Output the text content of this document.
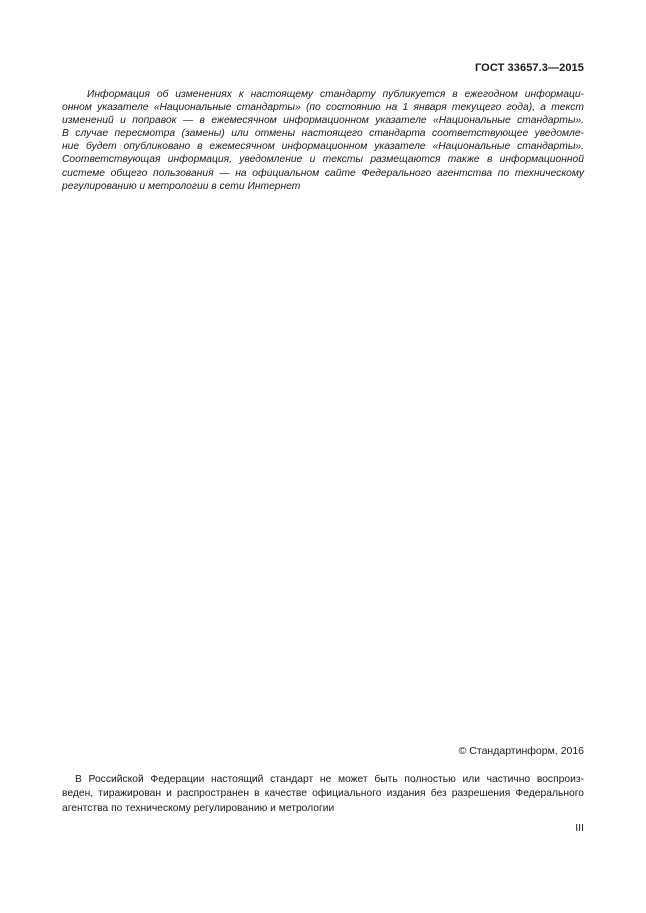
ГОСТ 33657.3—2015
Информация об изменениях к настоящему стандарту публикуется в ежегодном информаци-
онном указателе «Национальные стандарты» (по состоянию на 1 января текущего года), а текст
изменений и поправок — в ежемесячном информационном указателе «Национальные стандарты».
В случае пересмотра (замены) или отмены настоящего стандарта соответствующее уведомле-
ние будет опубликовано в ежемесячном информационном указателе «Национальные стандарты».
Соответствующая информация, уведомление и тексты размещаются также в информационной
системе общего пользования — на официальном сайте Федерального агентства по техническому
регулированию и метрологии в сети Интернет
© Стандартинформ, 2016
В Российской Федерации настоящий стандарт не может быть полностью или частично воспроиз-
веден, тиражирован и распространен в качестве официального издания без разрешения Федерального
агентства по техническому регулированию и метрологии
III
